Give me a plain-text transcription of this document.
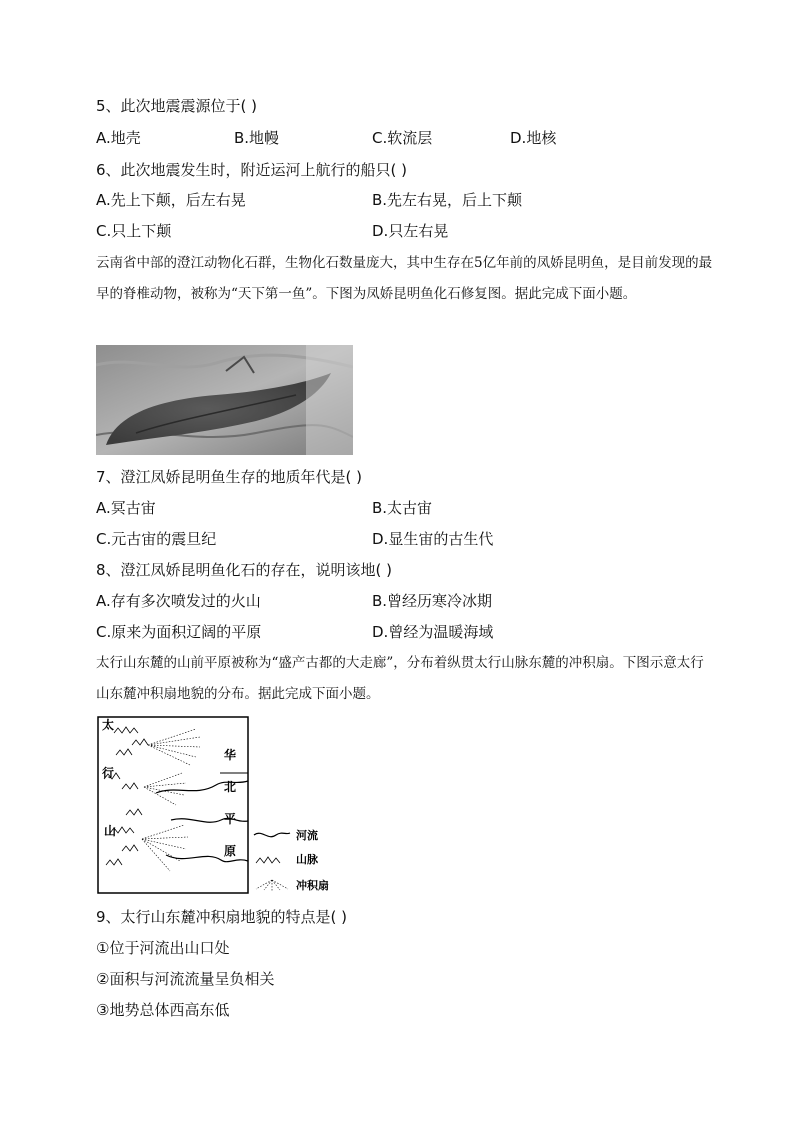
5、此次地震震源位于( )
A.地壳	B.地幔	C.软流层	D.地核
6、此次地震发生时，附近运河上航行的船只( )
A.先上下颠，后左右晃	B.先左右晃，后上下颠
C.只上下颠	D.只左右晃
云南省中部的澄江动物化石群，生物化石数量庞大，其中生存在5亿年前的凤娇昆明鱼，是目前发现的最早的脊椎动物，被称为“天下第一鱼”。下图为凤娇昆明鱼化石修复图。据此完成下面小题。
7、澄江凤娇昆明鱼生存的地质年代是( )
A.冥古宙	B.太古宙
C.元古宙的震旦纪	D.显生宙的古生代
8、澄江凤娇昆明鱼化石的存在，说明该地( )
A.存有多次喷发过的火山	B.曾经历寒冷冰期
C.原来为面积辽阔的平原	D.曾经为温暖海域
太行山东麓的山前平原被称为“盛产古都的大走廊”，分布着纵贯太行山脉东麓的冲积扇。下图示意太行山东麓冲积扇地貌的分布。据此完成下面小题。
太
行
山
华
北
平
原
河流
山脉
冲积扇
9、太行山东麓冲积扇地貌的特点是( )
①位于河流出山口处
②面积与河流流量呈负相关
③地势总体西高东低
